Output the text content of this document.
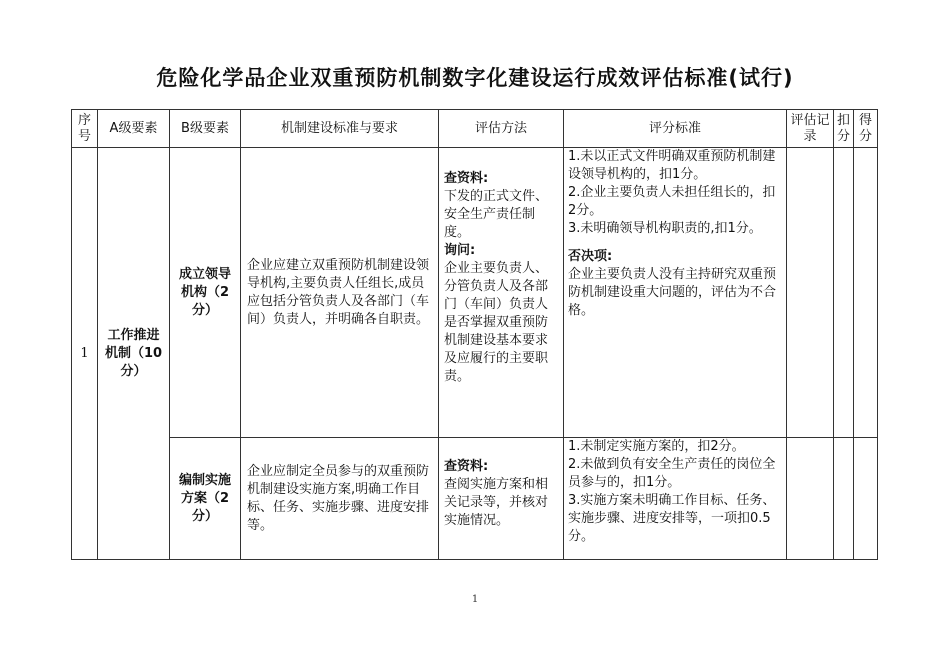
危险化学品企业双重预防机制数字化建设运行成效评估标准(试行)
序号	A级要素	B级要素	机制建设标准与要求	评估方法	评分标准	评估记录	扣分	得分
1	工作推进机制（10分）	成立领导机构（2分）	企业应建立双重预防机制建设领导机构,主要负责人任组长,成员应包括分管负责人及各部门（车间）负责人，并明确各自职责。	查资料:
下发的正式文件、安全生产责任制度。
询问:
企业主要负责人、分管负责人及各部门（车间）负责人是否掌握双重预防机制建设基本要求及应履行的主要职责。	1.未以正式文件明确双重预防机制建设领导机构的，扣1分。
2.企业主要负责人未担任组长的，扣2分。
3.未明确领导机构职责的,扣1分。
否决项:
企业主要负责人没有主持研究双重预防机制建设重大问题的，评估为不合格。			

		编制实施方案（2分）	企业应制定全员参与的双重预防机制建设实施方案,明确工作目标、任务、实施步骤、进度安排等。	查资料:
查阅实施方案和相关记录等，并核对实施情况。	1.未制定实施方案的，扣2分。
2.未做到负有安全生产责任的岗位全员参与的，扣1分。
3.实施方案未明确工作目标、任务、实施步骤、进度安排等，一项扣0.5分。			

1
